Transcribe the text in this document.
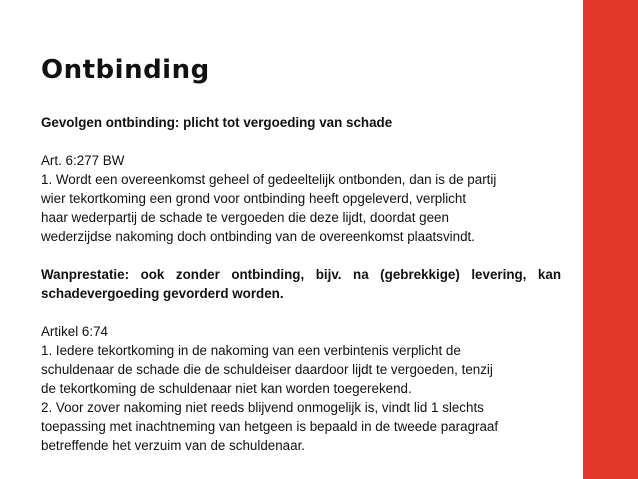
Ontbinding
Gevolgen ontbinding: plicht tot vergoeding van schade
Art. 6:277 BW
1. Wordt een overeenkomst geheel of gedeeltelijk ontbonden, dan is de partij
wier tekortkoming een grond voor ontbinding heeft opgeleverd, verplicht
haar wederpartij de schade te vergoeden die deze lijdt, doordat geen
wederzijdse nakoming doch ontbinding van de overeenkomst plaatsvindt.
Wanprestatie: ook zonder ontbinding, bijv. na (gebrekkige) levering, kan
schadevergoeding gevorderd worden.
Artikel 6:74
1. Iedere tekortkoming in de nakoming van een verbintenis verplicht de
schuldenaar de schade die de schuldeiser daardoor lijdt te vergoeden, tenzij
de tekortkoming de schuldenaar niet kan worden toegerekend.
2. Voor zover nakoming niet reeds blijvend onmogelijk is, vindt lid 1 slechts
toepassing met inachtneming van hetgeen is bepaald in de tweede paragraaf
betreffende het verzuim van de schuldenaar.
